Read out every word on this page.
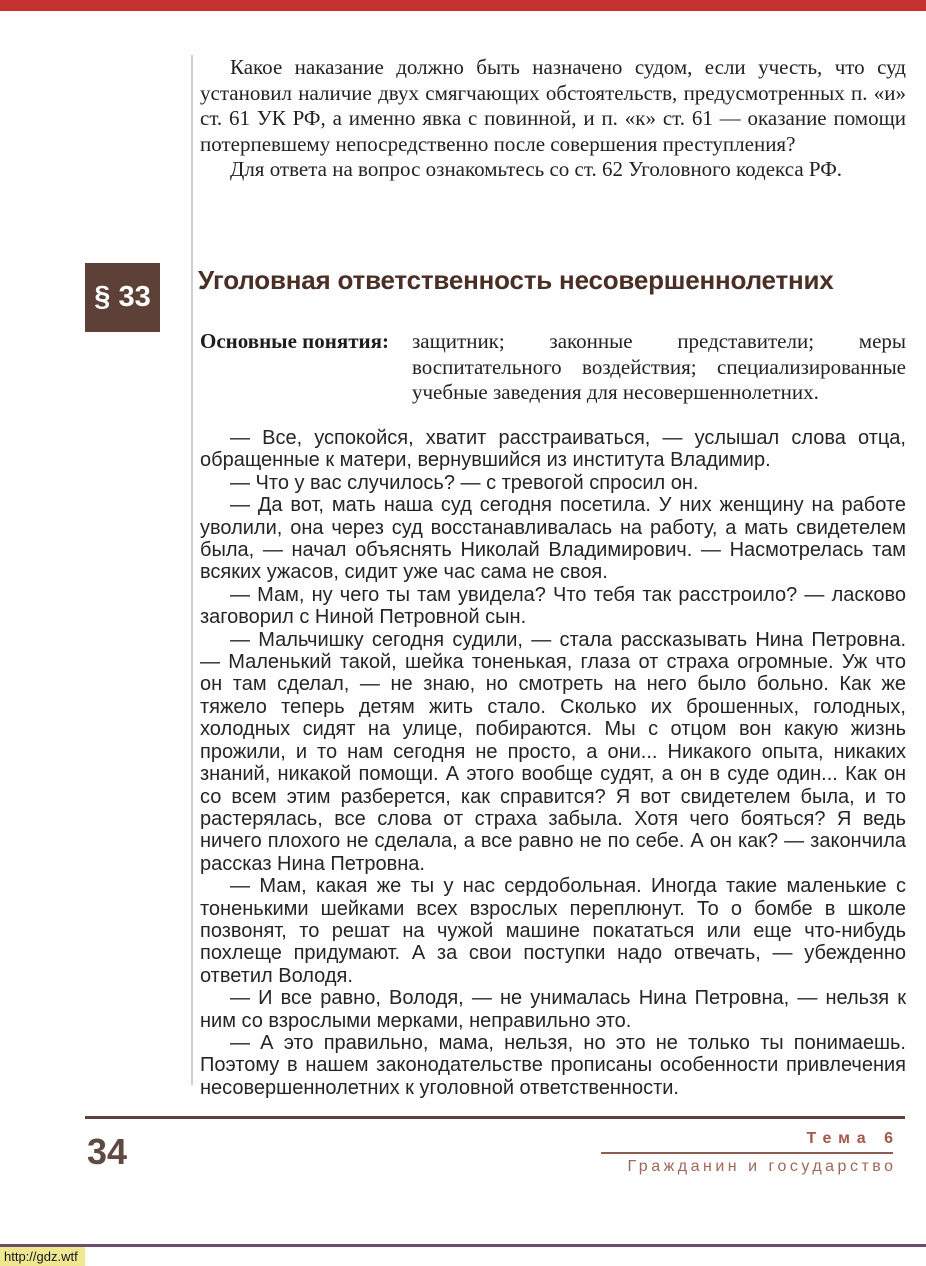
Какое наказание должно быть назначено судом, если учесть, что суд установил наличие двух смягчающих обстоятельств, предусмотренных п. «и» ст. 61 УК РФ, а именно явка с повинной, и п. «к» ст. 61 — оказание помощи потерпевшему непосредственно после совершения преступления?

Для ответа на вопрос ознакомьтесь со ст. 62 Уголовного кодекса РФ.

§ 33
Уголовная ответственность несовершеннолетних
Основные понятия:	защитник; законные представители; меры воспитательного воздействия; специализированные учебные заведения для несовершеннолетних.

— Все, успокойся, хватит расстраиваться, — услышал слова отца, обращенные к матери, вернувшийся из института Владимир.

— Что у вас случилось? — с тревогой спросил он.

— Да вот, мать наша суд сегодня посетила. У них женщину на работе уволили, она через суд восстанавливалась на работу, а мать свидетелем была, — начал объяснять Николай Владимирович. — Насмотрелась там всяких ужасов, сидит уже час сама не своя.

— Мам, ну чего ты там увидела? Что тебя так расстроило? — ласково заговорил с Ниной Петровной сын.

— Мальчишку сегодня судили, — стала рассказывать Нина Петровна. — Маленький такой, шейка тоненькая, глаза от страха огромные. Уж что он там сделал, — не знаю, но смотреть на него было больно. Как же тяжело теперь детям жить стало. Сколько их брошенных, голодных, холодных сидят на улице, побираются. Мы с отцом вон какую жизнь прожили, и то нам сегодня не просто, а они... Никакого опыта, никаких знаний, никакой помощи. А этого вообще судят, а он в суде один... Как он со всем этим разберется, как справится? Я вот свидетелем была, и то растерялась, все слова от страха забыла. Хотя чего бояться? Я ведь ничего плохого не сделала, а все равно не по себе. А он как? — закончила рассказ Нина Петровна.

— Мам, какая же ты у нас сердобольная. Иногда такие маленькие с тоненькими шейками всех взрослых переплюнут. То о бомбе в школе позвонят, то решат на чужой машине покататься или еще что-нибудь похлеще придумают. А за свои поступки надо отвечать, — убежденно ответил Володя.

— И все равно, Володя, — не унималась Нина Петровна, — нельзя к ним со взрослыми мерками, неправильно это.

— А это правильно, мама, нельзя, но это не только ты понимаешь. Поэтому в нашем законодательстве прописаны особенности привлечения несовершеннолетних к уголовной ответственности.

34	Тема 6
Гражданин и государство
http://gdz.wtf
